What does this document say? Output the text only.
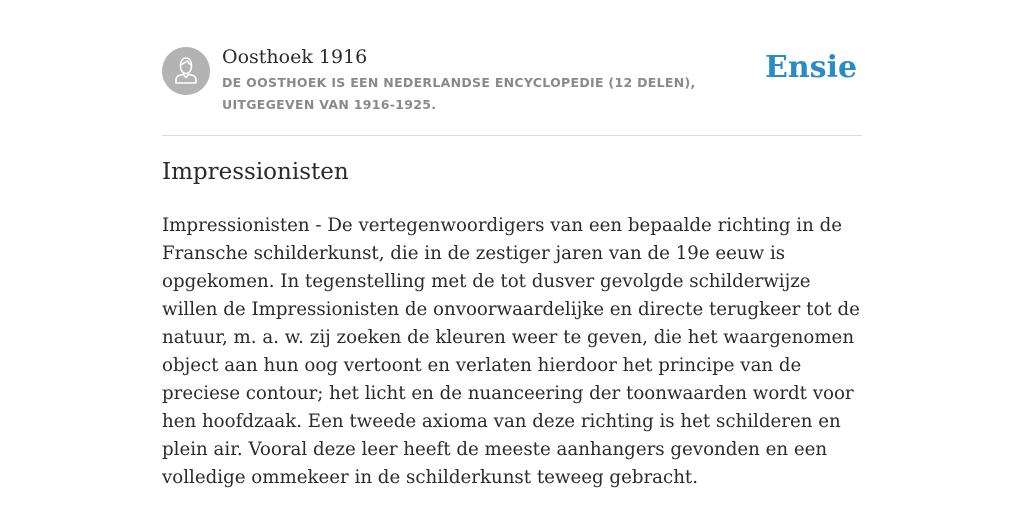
Oosthoek 1916
DE OOSTHOEK IS EEN NEDERLANDSE ENCYCLOPEDIE (12 DELEN), UITGEGEVEN VAN 1916-1925.
Ensie
Impressionisten

Impressionisten - De vertegenwoordigers van een bepaalde richting in de Fransche schilderkunst, die in de zestiger jaren van de 19e eeuw is opgekomen. In tegenstelling met de tot dusver gevolgde schilderwijze willen de Impressionisten de onvoorwaardelijke en directe terugkeer tot de natuur, m. a. w. zij zoeken de kleuren weer te geven, die het waargenomen object aan hun oog vertoont en verlaten hierdoor het principe van de preciese contour; het licht en de nuanceering der toonwaarden wordt voor hen hoofdzaak. Een tweede axioma van deze richting is het schilderen en plein air. Vooral deze leer heeft de meeste aanhangers gevonden en een volledige ommekeer in de schilderkunst teweeg gebracht.
